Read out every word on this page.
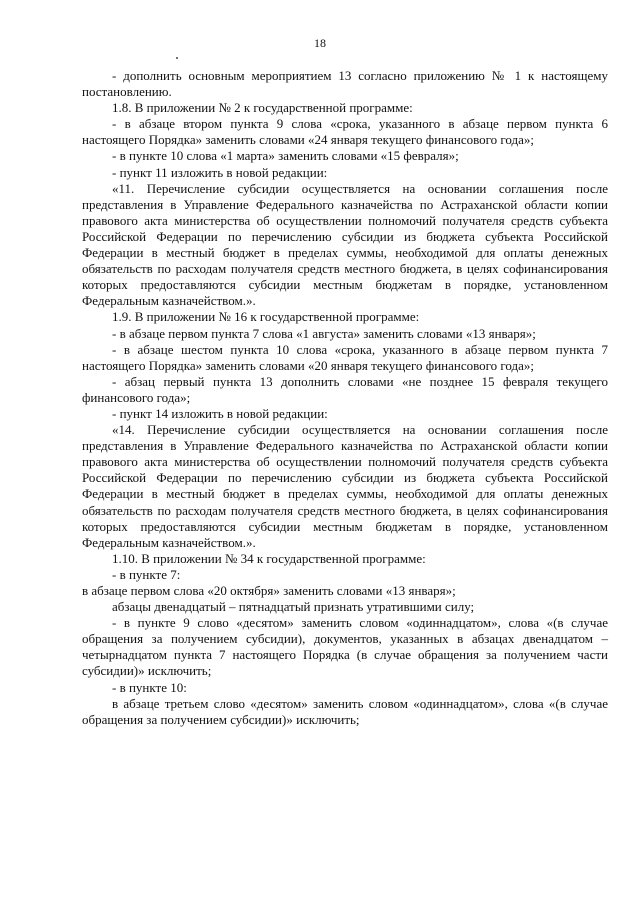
18

- дополнить основным мероприятием 13 согласно приложению № 1 к настоящему постановлению.

1.8. В приложении № 2 к государственной программе:

- в абзаце втором пункта 9 слова «срока, указанного в абзаце первом пункта 6 настоящего Порядка» заменить словами «24 января текущего финансового года»;

- в пункте 10 слова «1 марта» заменить словами «15 февраля»;

- пункт 11 изложить в новой редакции:

«11. Перечисление субсидии осуществляется на основании соглашения после представления в Управление Федерального казначейства по Астраханской области копии правового акта министерства об осуществлении полномочий получателя средств субъекта Российской Федерации по перечислению субсидии из бюджета субъекта Российской Федерации в местный бюджет в пределах суммы, необходимой для оплаты денежных обязательств по расходам получателя средств местного бюджета, в целях софинансирования которых предоставляются субсидии местным бюджетам в порядке, установленном Федеральным казначейством.».

1.9. В приложении № 16 к государственной программе:

- в абзаце первом пункта 7 слова «1 августа» заменить словами «13 января»;

- в абзаце шестом пункта 10 слова «срока, указанного в абзаце первом пункта 7 настоящего Порядка» заменить словами «20 января текущего финансового года»;

- абзац первый пункта 13 дополнить словами «не позднее 15 февраля текущего финансового года»;

- пункт 14 изложить в новой редакции:

«14. Перечисление субсидии осуществляется на основании соглашения после представления в Управление Федерального казначейства по Астраханской области копии правового акта министерства об осуществлении полномочий получателя средств субъекта Российской Федерации по перечислению субсидии из бюджета субъекта Российской Федерации в местный бюджет в пределах суммы, необходимой для оплаты денежных обязательств по расходам получателя средств местного бюджета, в целях софинансирования которых предоставляются субсидии местным бюджетам в порядке, установленном Федеральным казначейством.».

1.10. В приложении № 34 к государственной программе:

- в пункте 7:

в абзаце первом слова «20 октября» заменить словами «13 января»;

абзацы двенадцатый – пятнадцатый признать утратившими силу;

- в пункте 9 слово «десятом» заменить словом «одиннадцатом», слова «(в случае обращения за получением субсидии), документов, указанных в абзацах двенадцатом – четырнадцатом пункта 7 настоящего Порядка (в случае обращения за получением части субсидии)» исключить;

- в пункте 10:

в абзаце третьем слово «десятом» заменить словом «одиннадцатом», слова «(в случае обращения за получением субсидии)» исключить;
